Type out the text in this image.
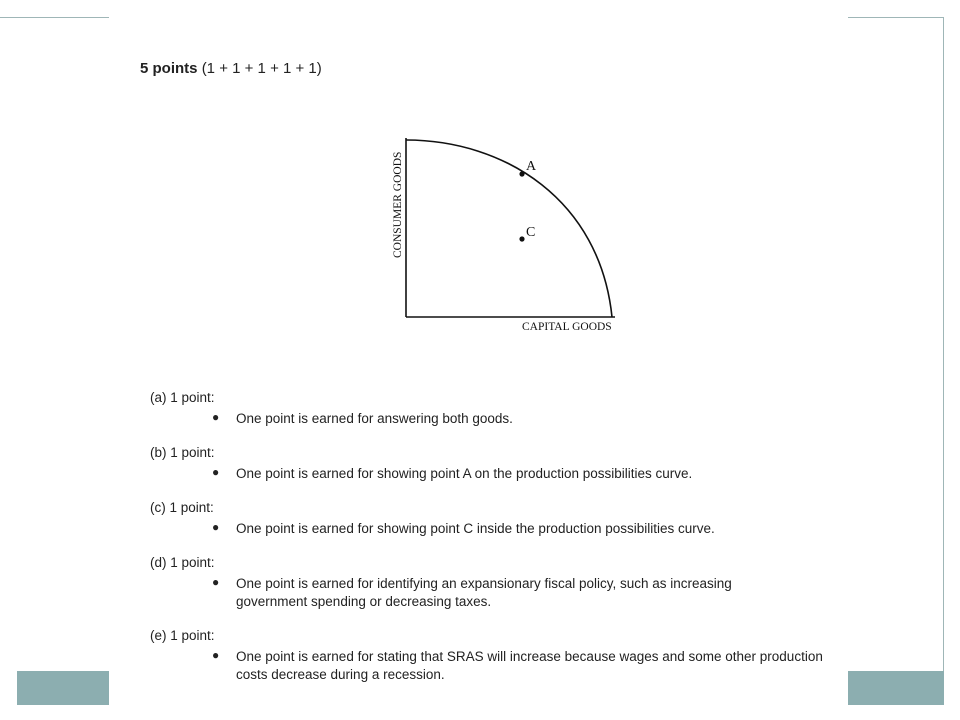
5 points (1 + 1 + 1 + 1 + 1)
A
C
CONSUMER GOODS
CAPITAL GOODS
(a) 1 point:
● One point is earned for answering both goods.
(b) 1 point:
● One point is earned for showing point A on the production possibilities curve.
(c) 1 point:
● One point is earned for showing point C inside the production possibilities curve.
(d) 1 point:
● One point is earned for identifying an expansionary fiscal policy, such as increasing government spending or decreasing taxes.
(e) 1 point:
● One point is earned for stating that SRAS will increase because wages and some other production costs decrease during a recession.
